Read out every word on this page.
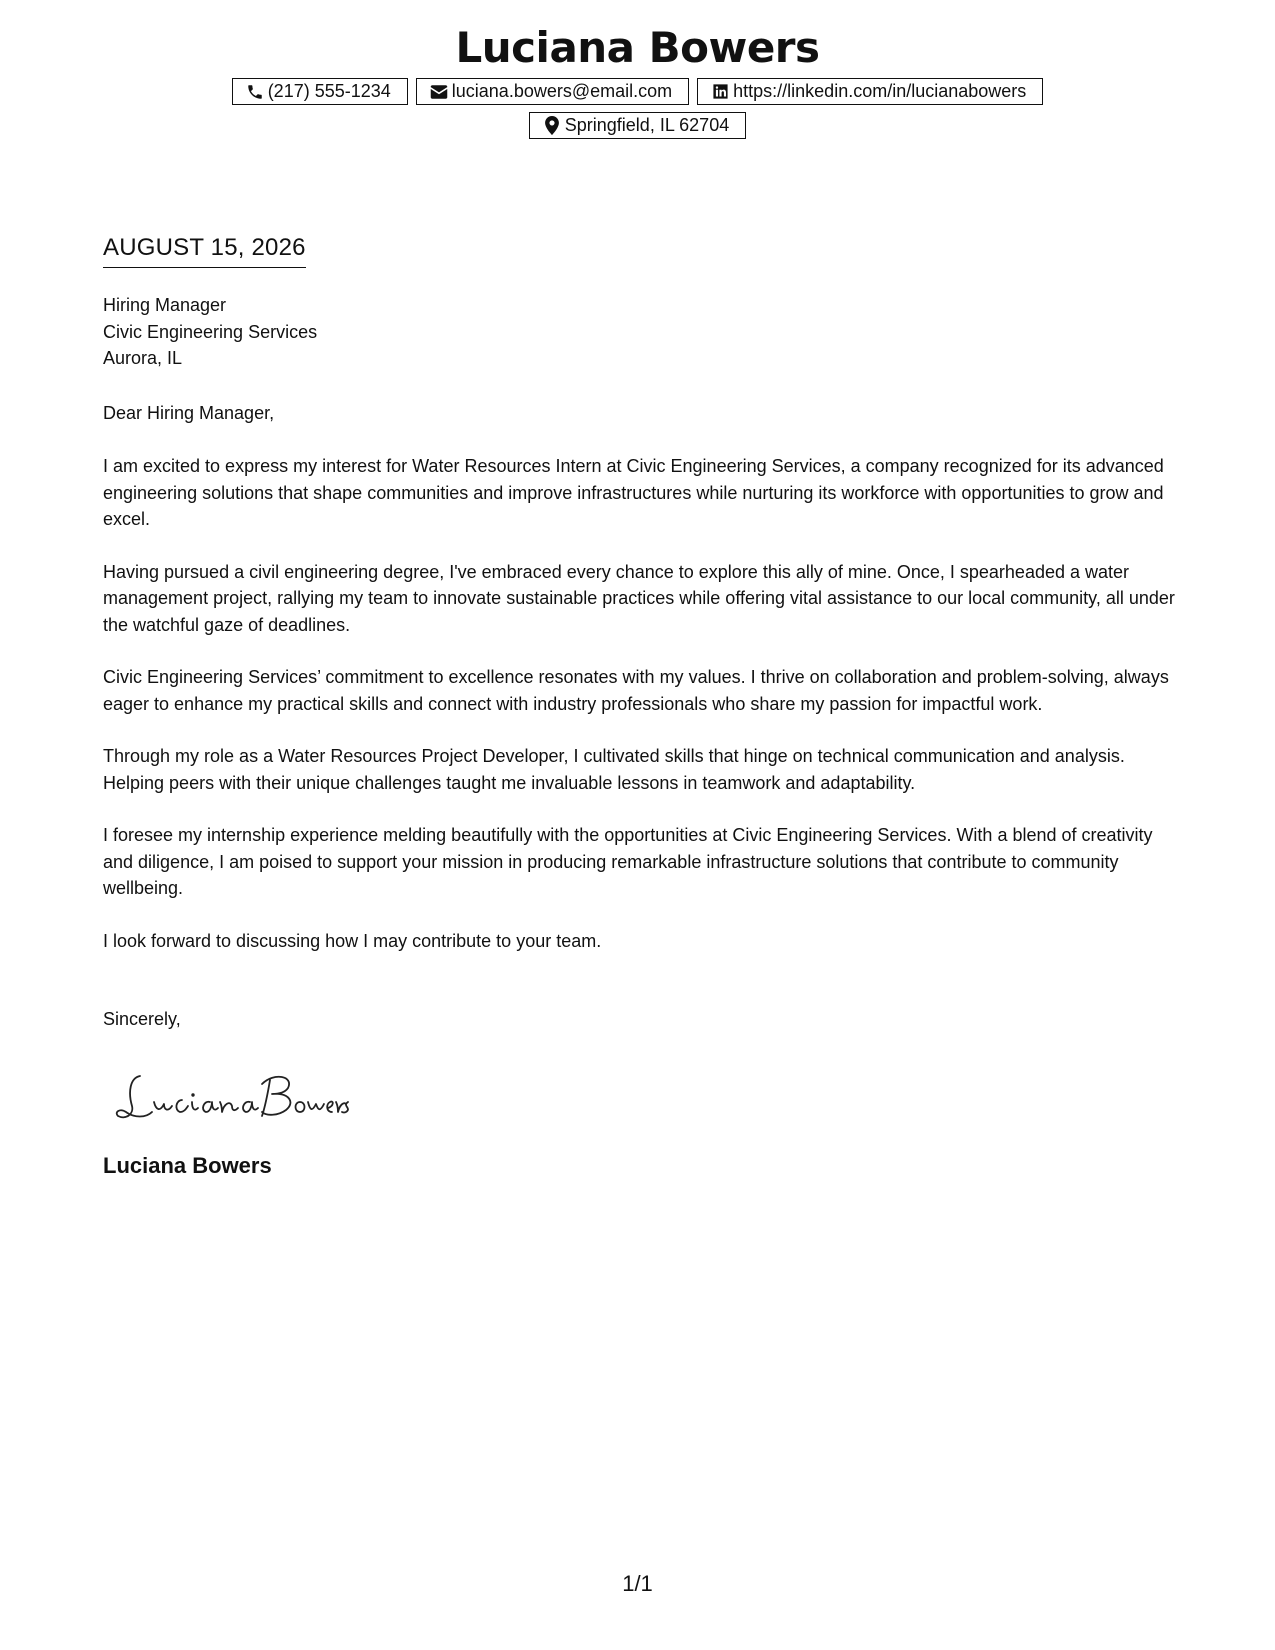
Luciana Bowers
(217) 555-1234	luciana.bowers@email.com	https://linkedin.com/in/lucianabowers
Springfield, IL 62704
AUGUST 15, 2026
Hiring Manager
Civic Engineering Services
Aurora, IL
Dear Hiring Manager,

I am excited to express my interest for Water Resources Intern at Civic Engineering Services, a company recognized for its advanced engineering solutions that shape communities and improve infrastructures while nurturing its workforce with opportunities to grow and excel.

Having pursued a civil engineering degree, I've embraced every chance to explore this ally of mine. Once, I spearheaded a water management project, rallying my team to innovate sustainable practices while offering vital assistance to our local community, all under the watchful gaze of deadlines.

Civic Engineering Services’ commitment to excellence resonates with my values. I thrive on collaboration and problem-solving, always eager to enhance my practical skills and connect with industry professionals who share my passion for impactful work.

Through my role as a Water Resources Project Developer, I cultivated skills that hinge on technical communication and analysis. Helping peers with their unique challenges taught me invaluable lessons in teamwork and adaptability.

I foresee my internship experience melding beautifully with the opportunities at Civic Engineering Services. With a blend of creativity and diligence, I am poised to support your mission in producing remarkable infrastructure solutions that contribute to community wellbeing.

I look forward to discussing how I may contribute to your team.

Sincerely,
Luciana Bowers
1/1
